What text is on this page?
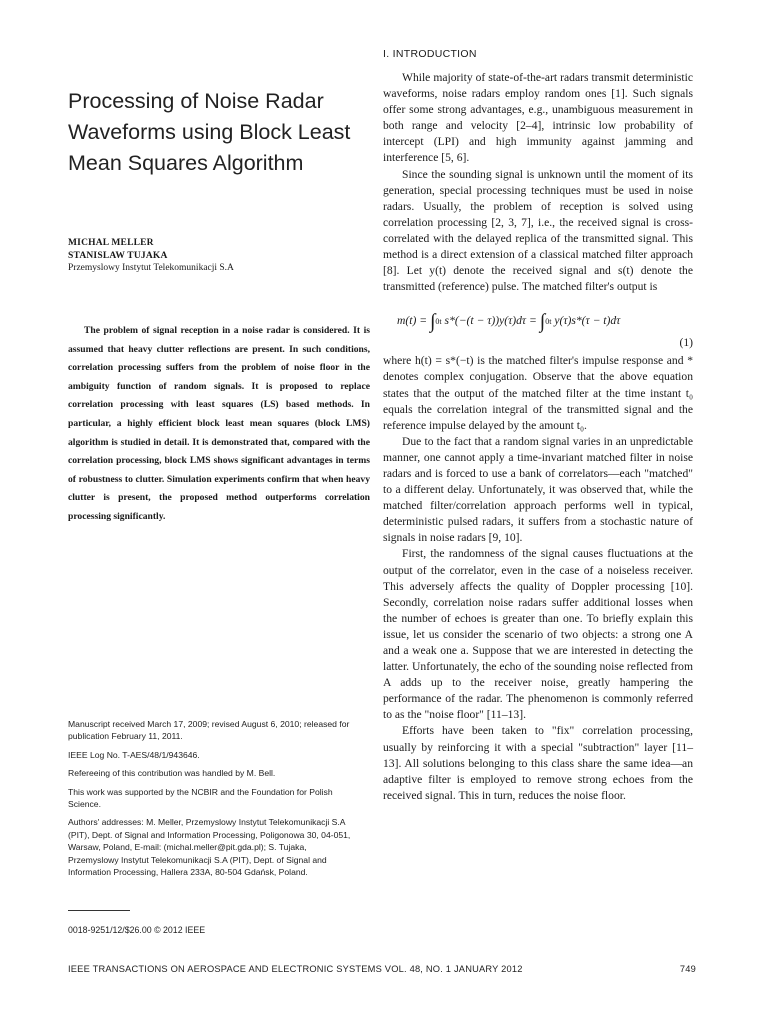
Processing of Noise Radar Waveforms using Block Least Mean Squares Algorithm
MICHAL MELLER
STANISLAW TUJAKA
Przemyslowy Instytut Telekomunikacji S.A

The problem of signal reception in a noise radar is considered. It is assumed that heavy clutter reflections are present. In such conditions, correlation processing suffers from the problem of noise floor in the ambiguity function of random signals. It is proposed to replace correlation processing with least squares (LS) based methods. In particular, a highly efficient block least mean squares (block LMS) algorithm is studied in detail. It is demonstrated that, compared with the correlation processing, block LMS shows significant advantages in terms of robustness to clutter. Simulation experiments confirm that when heavy clutter is present, the proposed method outperforms correlation processing significantly.

Manuscript received March 17, 2009; revised August 6, 2010; released for publication February 11, 2011.

IEEE Log No. T-AES/48/1/943646.

Refereeing of this contribution was handled by M. Bell.

This work was supported by the NCBIR and the Foundation for Polish Science.

Authors' addresses: M. Meller, Przemyslowy Instytut Telekomunikacji S.A (PIT), Dept. of Signal and Information Processing, Poligonowa 30, 04-051, Warsaw, Poland, E-mail: (michal.meller@pit.gda.pl); S. Tujaka, Przemyslowy Instytut Telekomunikacji S.A (PIT), Dept. of Signal and Information Processing, Hallera 233A, 80-504 Gdańsk, Poland.

0018-9251/12/$26.00 © 2012 IEEE
I. INTRODUCTION

While majority of state-of-the-art radars transmit deterministic waveforms, noise radars employ random ones [1]. Such signals offer some strong advantages, e.g., unambiguous measurement in both range and velocity [2–4], intrinsic low probability of intercept (LPI) and high immunity against jamming and interference [5, 6].

Since the sounding signal is unknown until the moment of its generation, special processing techniques must be used in noise radars. Usually, the problem of reception is solved using correlation processing [2, 3, 7], i.e., the received signal is cross-correlated with the delayed replica of the transmitted signal. This method is a direct extension of a classical matched filter approach [8]. Let y(t) denote the received signal and s(t) denote the transmitted (reference) pulse. The matched filter's output is

m(t) = ∫0t s*(−(t − τ))y(τ)dτ = ∫0t y(τ)s*(τ − t)dτ
(1)

where h(t) = s*(−t) is the matched filter's impulse response and * denotes complex conjugation. Observe that the above equation states that the output of the matched filter at the time instant t₀ equals the correlation integral of the transmitted signal and the reference impulse delayed by the amount t₀.

Due to the fact that a random signal varies in an unpredictable manner, one cannot apply a time-invariant matched filter in noise radars and is forced to use a bank of correlators—each "matched" to a different delay. Unfortunately, it was observed that, while the matched filter/correlation approach performs well in typical, deterministic pulsed radars, it suffers from a stochastic nature of signals in noise radars [9, 10].

First, the randomness of the signal causes fluctuations at the output of the correlator, even in the case of a noiseless receiver. This adversely affects the quality of Doppler processing [10]. Secondly, correlation noise radars suffer additional losses when the number of echoes is greater than one. To briefly explain this issue, let us consider the scenario of two objects: a strong one A and a weak one a. Suppose that we are interested in detecting the latter. Unfortunately, the echo of the sounding noise reflected from A adds up to the receiver noise, greatly hampering the performance of the radar. The phenomenon is commonly referred to as the "noise floor" [11–13].

Efforts have been taken to "fix" correlation processing, usually by reinforcing it with a special "subtraction" layer [11–13]. All solutions belonging to this class share the same idea—an adaptive filter is employed to remove strong echoes from the received signal. This in turn, reduces the noise floor.

IEEE TRANSACTIONS ON AEROSPACE AND ELECTRONIC SYSTEMS VOL. 48, NO. 1 JANUARY 2012	749
